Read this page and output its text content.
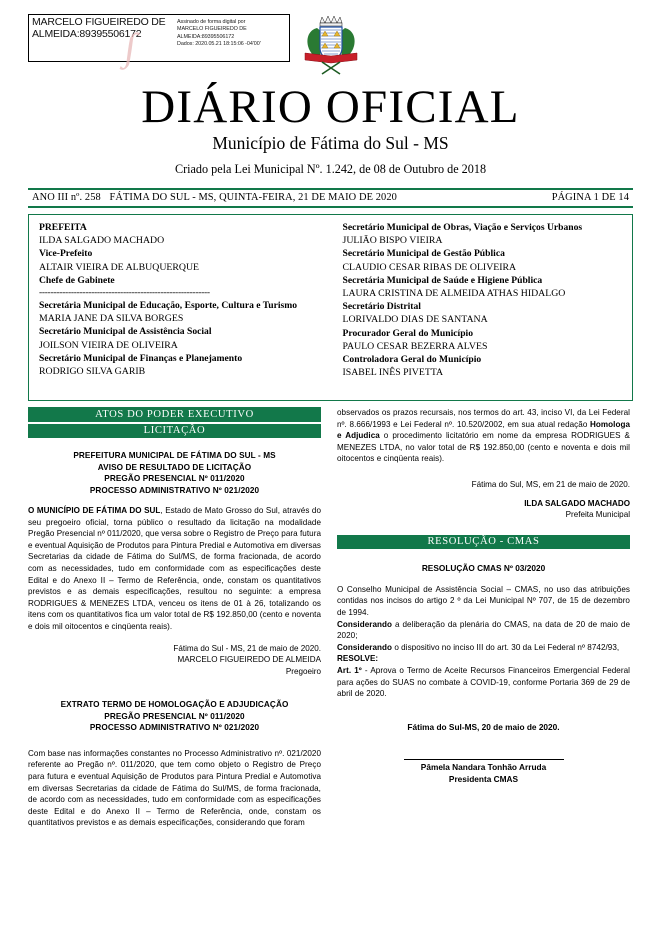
MARCELO FIGUEIREDO DE ALMEIDA:89395506172
Assinado de forma digital por
MARCELO FIGUEIREDO DE
ALMEIDA:89395506172
Dados: 2020.05.21 18:15:06 -04'00'
∫
DIÁRIO OFICIAL
Município de Fátima do Sul - MS
Criado pela Lei Municipal Nº. 1.242, de 08 de Outubro de 2018
ANO III nº. 258 FÁTIMA DO SUL - MS, QUINTA-FEIRA, 21 DE MAIO DE 2020	PÁGINA 1 DE 14
PREFEITA
ILDA SALGADO MACHADO
Vice-Prefeito
ALTAIR VIEIRA DE ALBUQUERQUE
Chefe de Gabinete
-----------------------------------------------------------
Secretária Municipal de Educação, Esporte, Cultura e Turismo
MARIA JANE DA SILVA BORGES
Secretário Municipal de Assistência Social
JOILSON VIEIRA DE OLIVEIRA
Secretário Municipal de Finanças e Planejamento
RODRIGO SILVA GARIB
Secretário Municipal de Obras, Viação e Serviços Urbanos
JULIÃO BISPO VIEIRA
Secretário Municipal de Gestão Pública
CLAUDIO CESAR RIBAS DE OLIVEIRA
Secretária Municipal de Saúde e Higiene Pública
LAURA CRISTINA DE ALMEIDA ATHAS HIDALGO
Secretário Distrital
LORIVALDO DIAS DE SANTANA
Procurador Geral do Município
PAULO CESAR BEZERRA ALVES
Controladora Geral do Município
ISABEL INÊS PIVETTA
ATOS DO PODER EXECUTIVO
LICITAÇÃO
PREFEITURA MUNICIPAL DE FÁTIMA DO SUL - MS
AVISO DE RESULTADO DE LICITAÇÃO
PREGÃO PRESENCIAL Nº 011/2020
PROCESSO ADMINISTRATIVO Nº 021/2020
O MUNICÍPIO DE FÁTIMA DO SUL, Estado de Mato Grosso do Sul, através do seu pregoeiro oficial, torna público o resultado da licitação na modalidade Pregão Presencial nº 011/2020, que versa sobre o Registro de Preço para futura e eventual Aquisição de Produtos para Pintura Predial e Automotiva em diversas Secretarias da cidade de Fátima do Sul/MS, de forma fracionada, de acordo com as necessidades, tudo em conformidade com as especificações deste Edital e do Anexo II – Termo de Referência, onde, constam os quantitativos previstos e as demais especificações, resultou no seguinte: a empresa RODRIGUES & MENEZES LTDA, venceu os itens de 01 à 26, totalizando os itens com os quantitativos fica um valor total de R$ 192.850,00 (cento e noventa e dois mil oitocentos e cinqüenta reais).
Fátima do Sul - MS, 21 de maio de 2020.
MARCELO FIGUEIREDO DE ALMEIDA
Pregoeiro
EXTRATO TERMO DE HOMOLOGAÇÃO E ADJUDICAÇÃO
PREGÃO PRESENCIAL Nº 011/2020
PROCESSO ADMINISTRATIVO Nº 021/2020
Com base nas informações constantes no Processo Administrativo nº. 021/2020 referente ao Pregão nº. 011/2020, que tem como objeto o Registro de Preço para futura e eventual Aquisição de Produtos para Pintura Predial e Automotiva em diversas Secretarias da cidade de Fátima do Sul/MS, de forma fracionada, de acordo com as necessidades, tudo em conformidade com as especificações deste Edital e do Anexo II – Termo de Referência, onde, constam os quantitativos previstos e as demais especificações, considerando que foram
observados os prazos recursais, nos termos do art. 43, inciso VI, da Lei Federal nº. 8.666/1993 e Lei Federal nº. 10.520/2002, em sua atual redação Homologa e Adjudica o procedimento licitatório em nome da empresa RODRIGUES & MENEZES LTDA, no valor total de R$ 192.850,00 (cento e noventa e dois mil oitocentos e cinqüenta reais).
Fátima do Sul, MS, em 21 de maio de 2020.
ILDA SALGADO MACHADO
Prefeita Municipal
RESOLUÇÃO - CMAS
RESOLUÇÃO CMAS Nº 03/2020
O Conselho Municipal de Assistência Social – CMAS, no uso das atribuições contidas nos incisos do artigo 2 º da Lei Municipal Nº 707, de 15 de dezembro de 1994.
Considerando a deliberação da plenária do CMAS, na data de 20 de maio de 2020;
Considerando o dispositivo no inciso III do art. 30 da Lei Federal nº 8742/93,
RESOLVE:
Art. 1º - Aprova o Termo de Aceite Recursos Financeiros Emergencial Federal para ações do SUAS no combate à COVID-19, conforme Portaria 369 de 29 de abril de 2020.
Fátima do Sul-MS, 20 de maio de 2020.
Pâmela Nandara Tonhão Arruda
Presidenta CMAS
